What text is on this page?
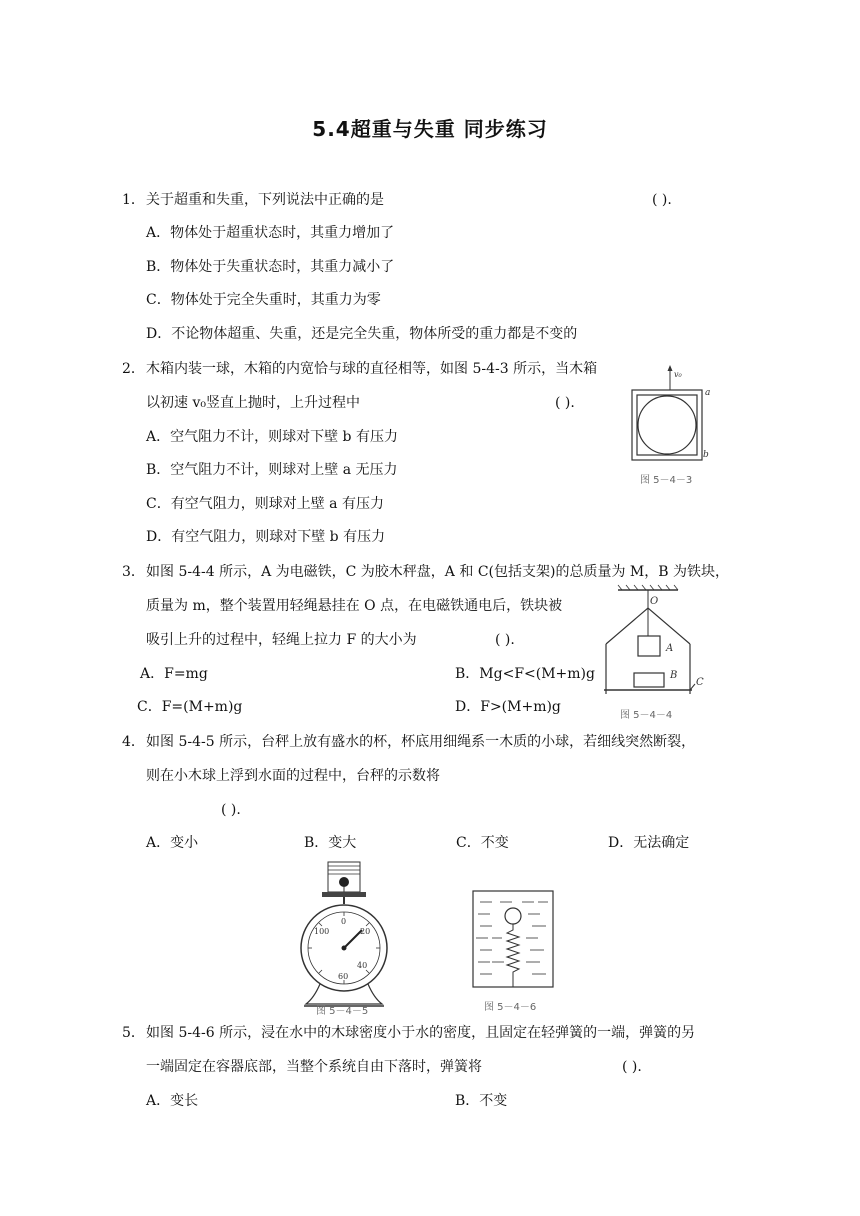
5.4超重与失重 同步练习
1． 关于超重和失重，下列说法中正确的是	( ).
A．物体处于超重状态时，其重力增加了
B．物体处于失重状态时，其重力减小了
C．物体处于完全失重时，其重力为零
D．不论物体超重、失重，还是完全失重，物体所受的重力都是不变的
2． 木箱内装一球，木箱的内宽恰与球的直径相等，如图 5-4-3 所示，当木箱
以初速 v₀竖直上抛时，上升过程中	( ).
A．空气阻力不计，则球对下壁 b 有压力
B．空气阻力不计，则球对上壁 a 无压力
C．有空气阻力，则球对上壁 a 有压力
D．有空气阻力，则球对下壁 b 有压力
v₀
a
b
图 5－4－3
3． 如图 5-4-4 所示，A 为电磁铁，C 为胶木秤盘，A 和 C(包括支架)的总质量为 M，B 为铁块，
质量为 m，整个装置用轻绳悬挂在 O 点，在电磁铁通电后，铁块被
吸引上升的过程中，轻绳上拉力 F 的大小为	( ).
A．F=mg	B．Mg<F<(M+m)g
C．F=(M+m)g	D．F>(M+m)g
O
A
B
C
图 5－4－4
4． 如图 5-4-5 所示，台秤上放有盛水的杯，杯底用细绳系一木质的小球，若细线突然断裂，
则在小木球上浮到水面的过程中，台秤的示数将
( ).
A．变小	B．变大	C．不变	D．无法确定
0
20
40
60
100
图 5－4－5	图 5－4－6
5． 如图 5-4-6 所示，浸在水中的木球密度小于水的密度，且固定在轻弹簧的一端，弹簧的另
一端固定在容器底部，当整个系统自由下落时，弹簧将	( ).
A．变长	B．不变
